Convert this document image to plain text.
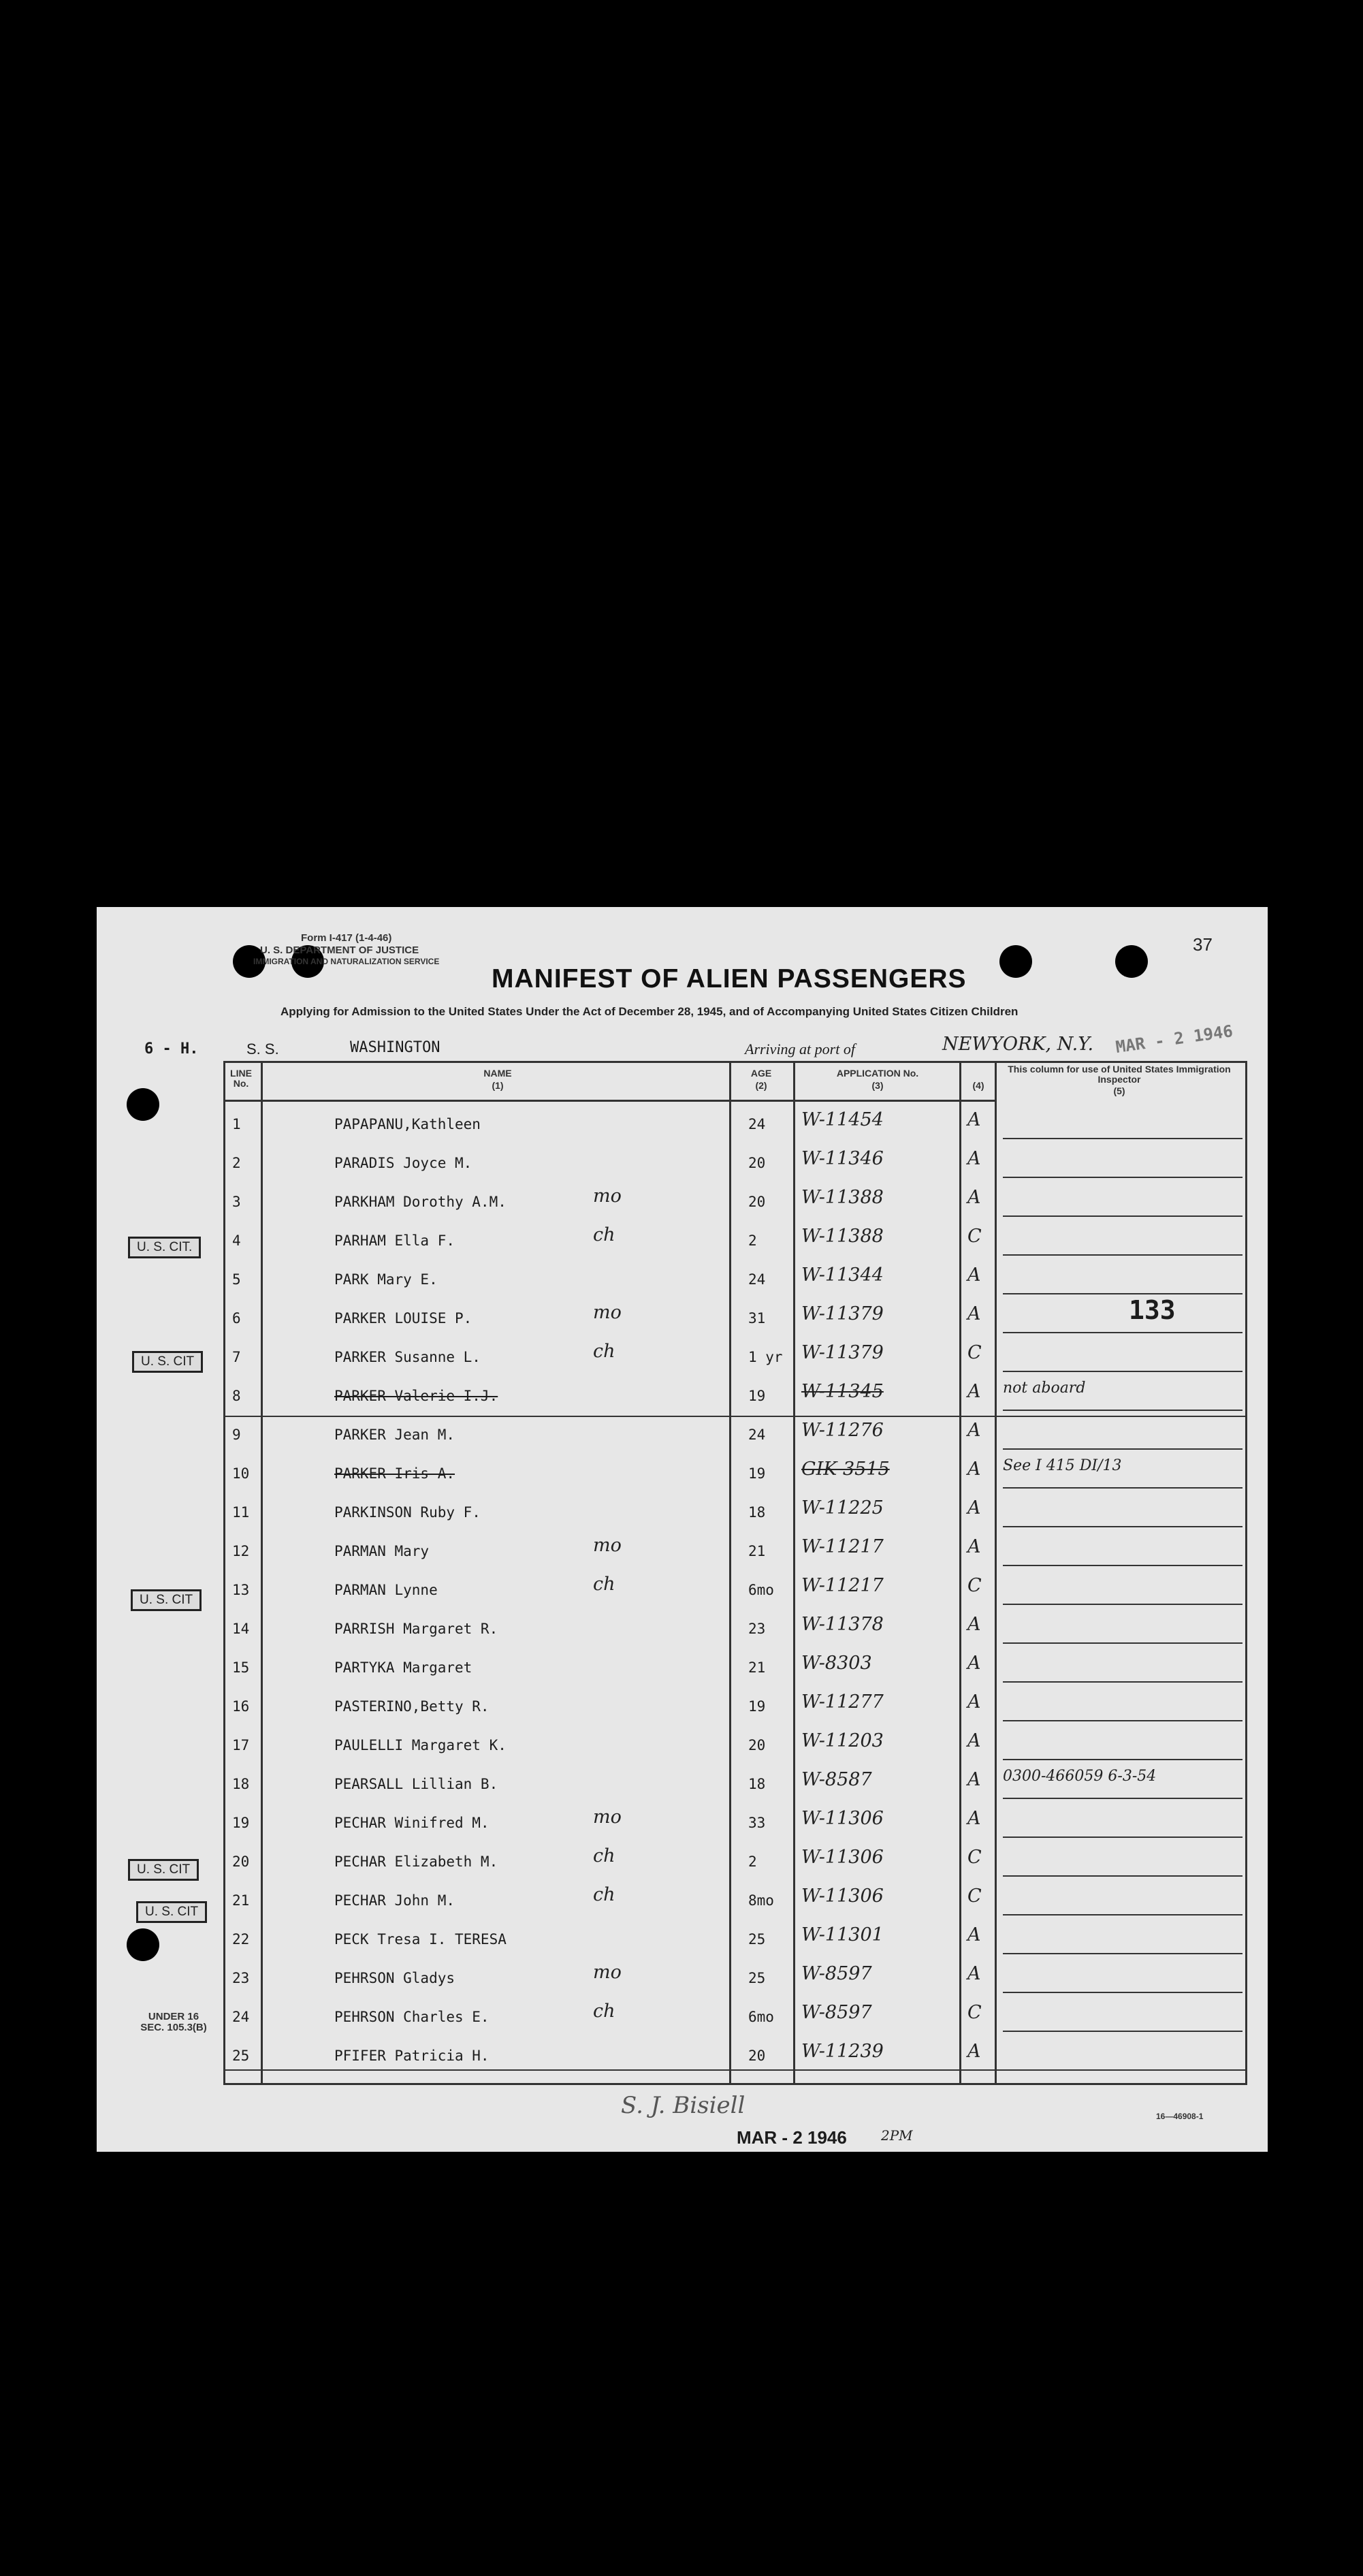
Form I-417 (1-4-46)
U. S. DEPARTMENT OF JUSTICE
IMMIGRATION AND NATURALIZATION SERVICE
37
MANIFEST OF ALIEN PASSENGERS
Applying for Admission to the United States Under the Act of December 28, 1945, and of Accompanying United States Citizen Children
6 - H.	S. S.	WASHINGTON	Arriving at port of	NEWYORK, N.Y. MAR - 2 1946
LINE No.
NAME
(1)
AGE
(2)
APPLICATION No.
(3)	(4)
This column for use of United States Immigration Inspector
(5)
1	PAPAPANU,Kathleen	24 W-11454	A
2	PARADIS Joyce M.	20 W-11346	A
3	PARKHAM Dorothy A.M.	20 W-11388	A
mo
4	PARHAM Ella F.	2 W-11388	C
ch
5	PARK Mary E.	24 W-11344	A
6	PARKER LOUISE P.	31 W-11379	A
mo
7	PARKER Susanne L.	1 yr W-11379	C
ch
8	PARKER Valerie I.J.	19 W-11345	A not aboard
9	PARKER Jean M.	24 W-11276	A
10	PARKER Iris A.	19 GIK 3515	A See I 415 DI/13
11	PARKINSON Ruby F.	18 W-11225	A
12	PARMAN Mary	21 W-11217	A
mo
13	PARMAN Lynne	6mo W-11217	C
ch
14	PARRISH Margaret R.	23 W-11378	A
15	PARTYKA Margaret	21 W-8303	A
16	PASTERINO,Betty R.	19 W-11277	A
17	PAULELLI Margaret K.	20 W-11203	A
18	PEARSALL Lillian B.	18 W-8587	A 0300-466059 6-3-54
19	PECHAR Winifred M.	33 W-11306	A
mo
20	PECHAR Elizabeth M.	2 W-11306	C
ch
21	PECHAR John M.	8mo W-11306	C
ch
22	PECK Tresa I. TERESA	25 W-11301	A
23	PEHRSON Gladys	25 W-8597	A
mo
24	PEHRSON Charles E.	6mo W-8597	C
ch
25	PFIFER Patricia H.	20 W-11239	A
U. S. CIT.
U. S. CIT
U. S. CIT
U. S. CIT
U. S. CIT
UNDER 16 SEC. 105.3(B)
133
S. J. Bisiell
MAR - 2 1946	2PM
16—46908-1
